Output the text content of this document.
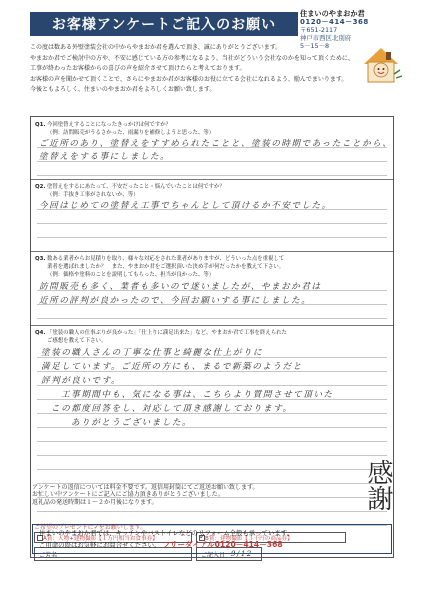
お客様アンケートご記入のお願い
住まいのやまおか君
0120－414－368
〒651-2117
神戸市西区北別府
5－15－8
この度は数ある外壁塗装会社の中からやまおか君を選んで頂き、誠にありがとうございます。
やまおか君でご検討中の方や、不安に感じている方の参考になるよう、当社がどういう会社なのかを知って頂くために、
工事が終わったお客様からの喜びの声を紹介させて頂けたらと考えております。
お客様の声を聞かせて頂くことで、さらにやまおか君がお客様のお役に立てる会社になれるよう、励んでまいります。
今後ともよろしく、住まいのやまおか君をよろしくお願い致します。
Q1. 今回塗替えすることになったきっかけは何ですか？
（例：訪問販売がうるさかった、雨漏りを補修しようと思った、等）
ご近所のあり、塗替えをすすめられたことと、塗装の時期であったことから、
塗替えをする事にしました。
Q2. 塗替えをするにあたって、不安だったこと・悩んでいたことは何ですか？
（例：手抜き工事がされないか、等）
今回はじめての塗替え工事でちゃんとして頂けるか不安でした。
Q3. 数ある業者からお見積りを取り、様々な対応をされた業者がありますが、どういった点を重視して
業者を選ばれましたか？　また、やまおか君をご選択頂いた決め手が何だったかを教えて下さい。
（例：価格や塗料のことを説明してもらった、担当が良かった、等）
訪問販売も多く、業者も多いので迷いましたが、やまおか君は
近所の評判が良かったので、今回お願いする事にしました。
Q4. 「塗装の職人の仕事ぶりが良かった」「仕上りに満足出来た」など、やまおか君で工事を終えられた
ご感想を教えて下さい。
塗装の職人さんの丁寧な仕事と綺麗な仕上がりに
満足しています。ご近所の方にも、まるで新築のようだと
評判が良いです。
工事期間中も、気になる事は、こちらより質問させて頂いた
この都度回答をし、対応して頂き感謝しております。
ありがとうございました。
ご希望のプレゼントに✓をお願いします。
A賞：人物+建物撮影【１万円相当お食事券】	B賞：建物撮影【３千円の商品券】
✓
ご芳名	ご記入日 9/12
アンケートの返信については料金不要です。返信用封筒にてご返送お願い致します。
お忙しい中アンケートにご記入にご協力頂きありがとうございました。
返礼品の発送時期は１～２か月後になります。	感謝
住まいのやまおか君では、キッチンやバストイレなどのリフォーム全般も承っています。
ご用命の際はお気軽にお問合せください。 フリーダイアル0120－414－368
